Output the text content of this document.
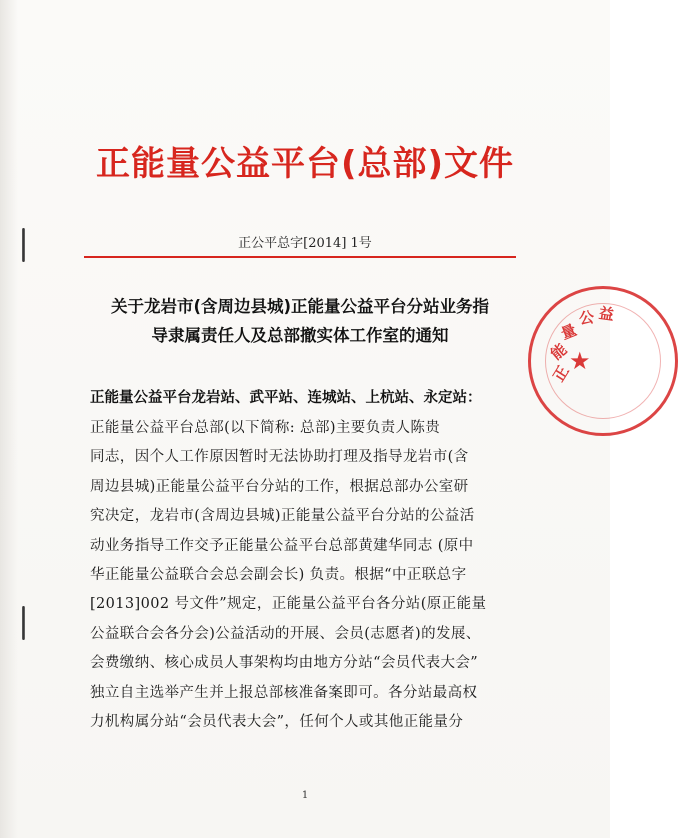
正能量公益平台(总部)文件
正公平总字[2014] 1号
关于龙岩市(含周边县城)正能量公益平台分站业务指
导隶属责任人及总部撤实体工作室的通知
正能量公益平台龙岩站、武平站、连城站、上杭站、永定站：
正能量公益平台总部(以下简称: 总部)主要负责人陈贵
同志，因个人工作原因暂时无法协助打理及指导龙岩市(含
周边县城)正能量公益平台分站的工作，根据总部办公室研
究决定，龙岩市(含周边县城)正能量公益平台分站的公益活
动业务指导工作交予正能量公益平台总部黄建华同志 (原中
华正能量公益联合会总会副会长) 负责。根据“中正联总字
[2013]002 号文件”规定，正能量公益平台各分站(原正能量
公益联合会各分会)公益活动的开展、会员(志愿者)的发展、
会费缴纳、核心成员人事架构均由地方分站“会员代表大会”
独立自主选举产生并上报总部核准备案即可。各分站最高权
力机构属分站“会员代表大会”，任何个人或其他正能量分
★
正
能
量
公 益
1
